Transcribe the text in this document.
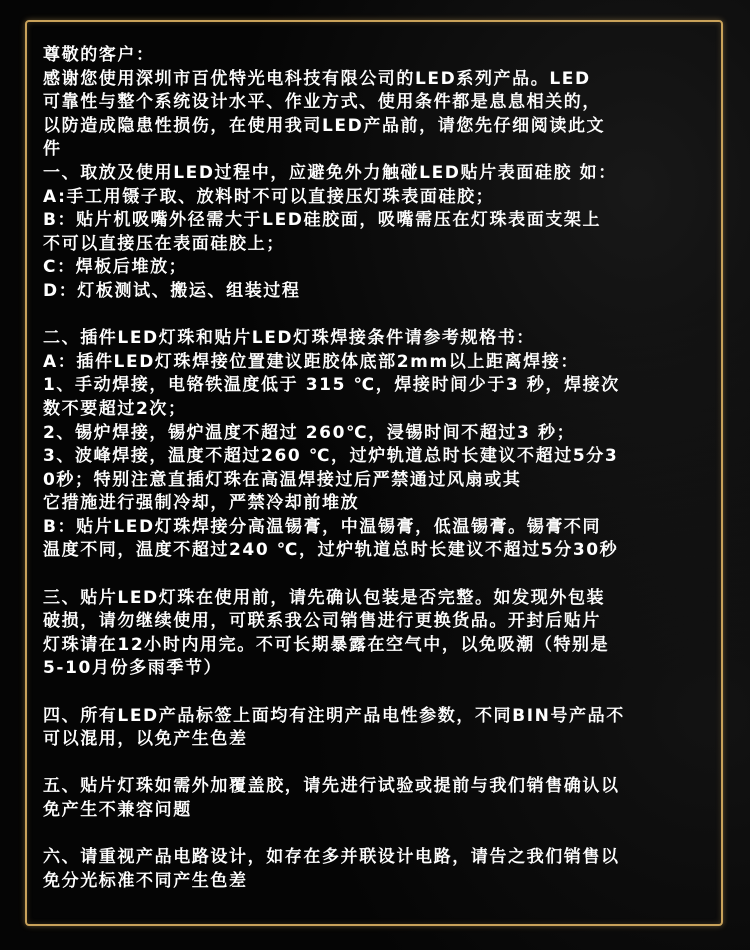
尊敬的客户：

感谢您使用深圳市百优特光电科技有限公司的LED系列产品。LED

可靠性与整个系统设计水平、作业方式、使用条件都是息息相关的，

以防造成隐患性损伤，在使用我司LED产品前，请您先仔细阅读此文

件

一、取放及使用LED过程中，应避免外力触碰LED贴片表面硅胶 如：

A:手工用镊子取、放料时不可以直接压灯珠表面硅胶；

B：贴片机吸嘴外径需大于LED硅胶面，吸嘴需压在灯珠表面支架上

不可以直接压在表面硅胶上；

C：焊板后堆放；

D：灯板测试、搬运、组装过程

二、插件LED灯珠和贴片LED灯珠焊接条件请参考规格书：

A：插件LED灯珠焊接位置建议距胶体底部2mm以上距离焊接：

1、手动焊接，电铬铁温度低于 315 ℃，焊接时间少于3 秒，焊接次

数不要超过2次；

2、锡炉焊接，锡炉温度不超过 260℃，浸锡时间不超过3 秒；

3、波峰焊接，温度不超过260 ℃，过炉轨道总时长建议不超过5分3

0秒；特别注意直插灯珠在高温焊接过后严禁通过风扇或其

它措施进行强制冷却，严禁冷却前堆放

B：贴片LED灯珠焊接分高温锡膏，中温锡膏，低温锡膏。锡膏不同

温度不同，温度不超过240 ℃，过炉轨道总时长建议不超过5分30秒

三、贴片LED灯珠在使用前，请先确认包装是否完整。如发现外包装

破损，请勿继续使用，可联系我公司销售进行更换货品。开封后贴片

灯珠请在12小时内用完。不可长期暴露在空气中，以免吸潮（特别是

5-10月份多雨季节）

四、所有LED产品标签上面均有注明产品电性参数，不同BIN号产品不

可以混用，以免产生色差

五、贴片灯珠如需外加覆盖胶，请先进行试验或提前与我们销售确认以

免产生不兼容问题

六、请重视产品电路设计，如存在多并联设计电路，请告之我们销售以

免分光标准不同产生色差
